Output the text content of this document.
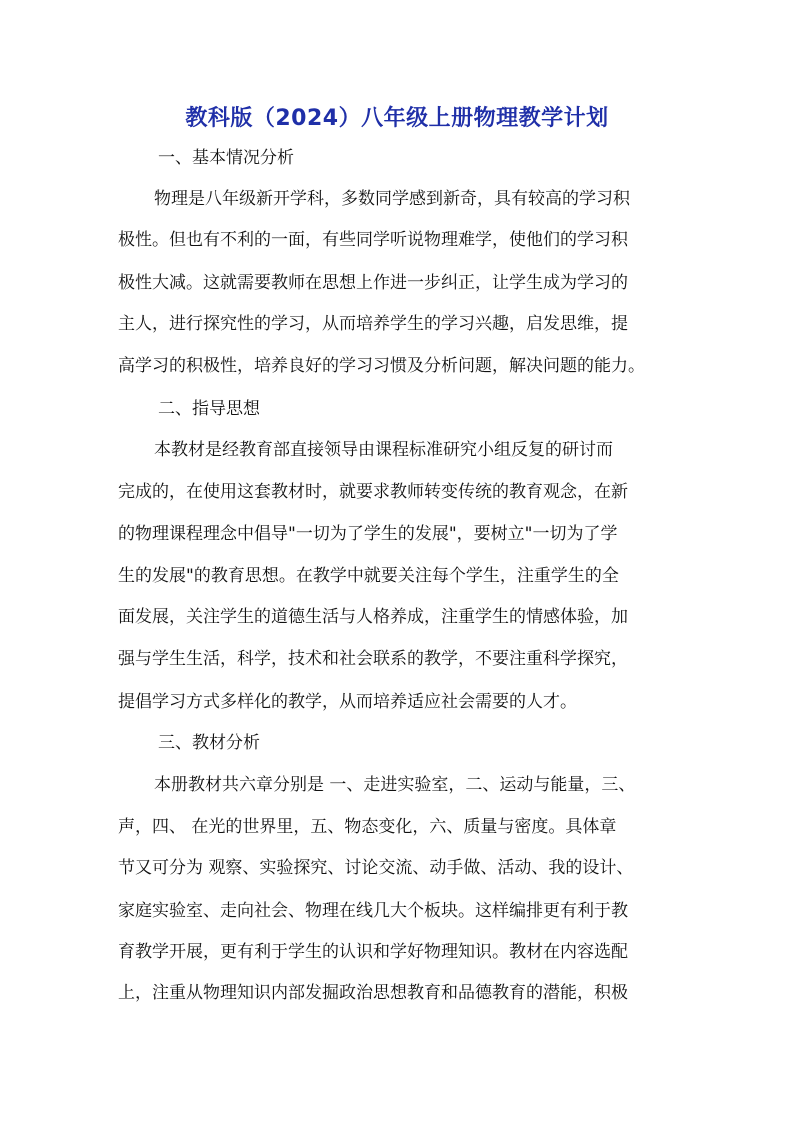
教科版（2024）八年级上册物理教学计划
一、基本情况分析
物理是八年级新开学科，多数同学感到新奇，具有较高的学习积
极性。但也有不利的一面，有些同学听说物理难学，使他们的学习积
极性大减。这就需要教师在思想上作进一步纠正，让学生成为学习的
主人，进行探究性的学习，从而培养学生的学习兴趣，启发思维，提
高学习的积极性，培养良好的学习习惯及分析问题，解决问题的能力。
二、指导思想
本教材是经教育部直接领导由课程标准研究小组反复的研讨而
完成的，在使用这套教材时，就要求教师转变传统的教育观念，在新
的物理课程理念中倡导"一切为了学生的发展"，要树立"一切为了学
生的发展"的教育思想。在教学中就要关注每个学生，注重学生的全
面发展，关注学生的道德生活与人格养成，注重学生的情感体验，加
强与学生生活，科学，技术和社会联系的教学，不要注重科学探究，
提倡学习方式多样化的教学，从而培养适应社会需要的人才。
三、教材分析
本册教材共六章分别是 一、走进实验室，二、运动与能量，三、
声，四、 在光的世界里，五、物态变化，六、质量与密度。具体章
节又可分为 观察、实验探究、讨论交流、动手做、活动、我的设计、
家庭实验室、走向社会、物理在线几大个板块。这样编排更有利于教
育教学开展，更有利于学生的认识和学好物理知识。教材在内容选配
上，注重从物理知识内部发掘政治思想教育和品德教育的潜能，积极
